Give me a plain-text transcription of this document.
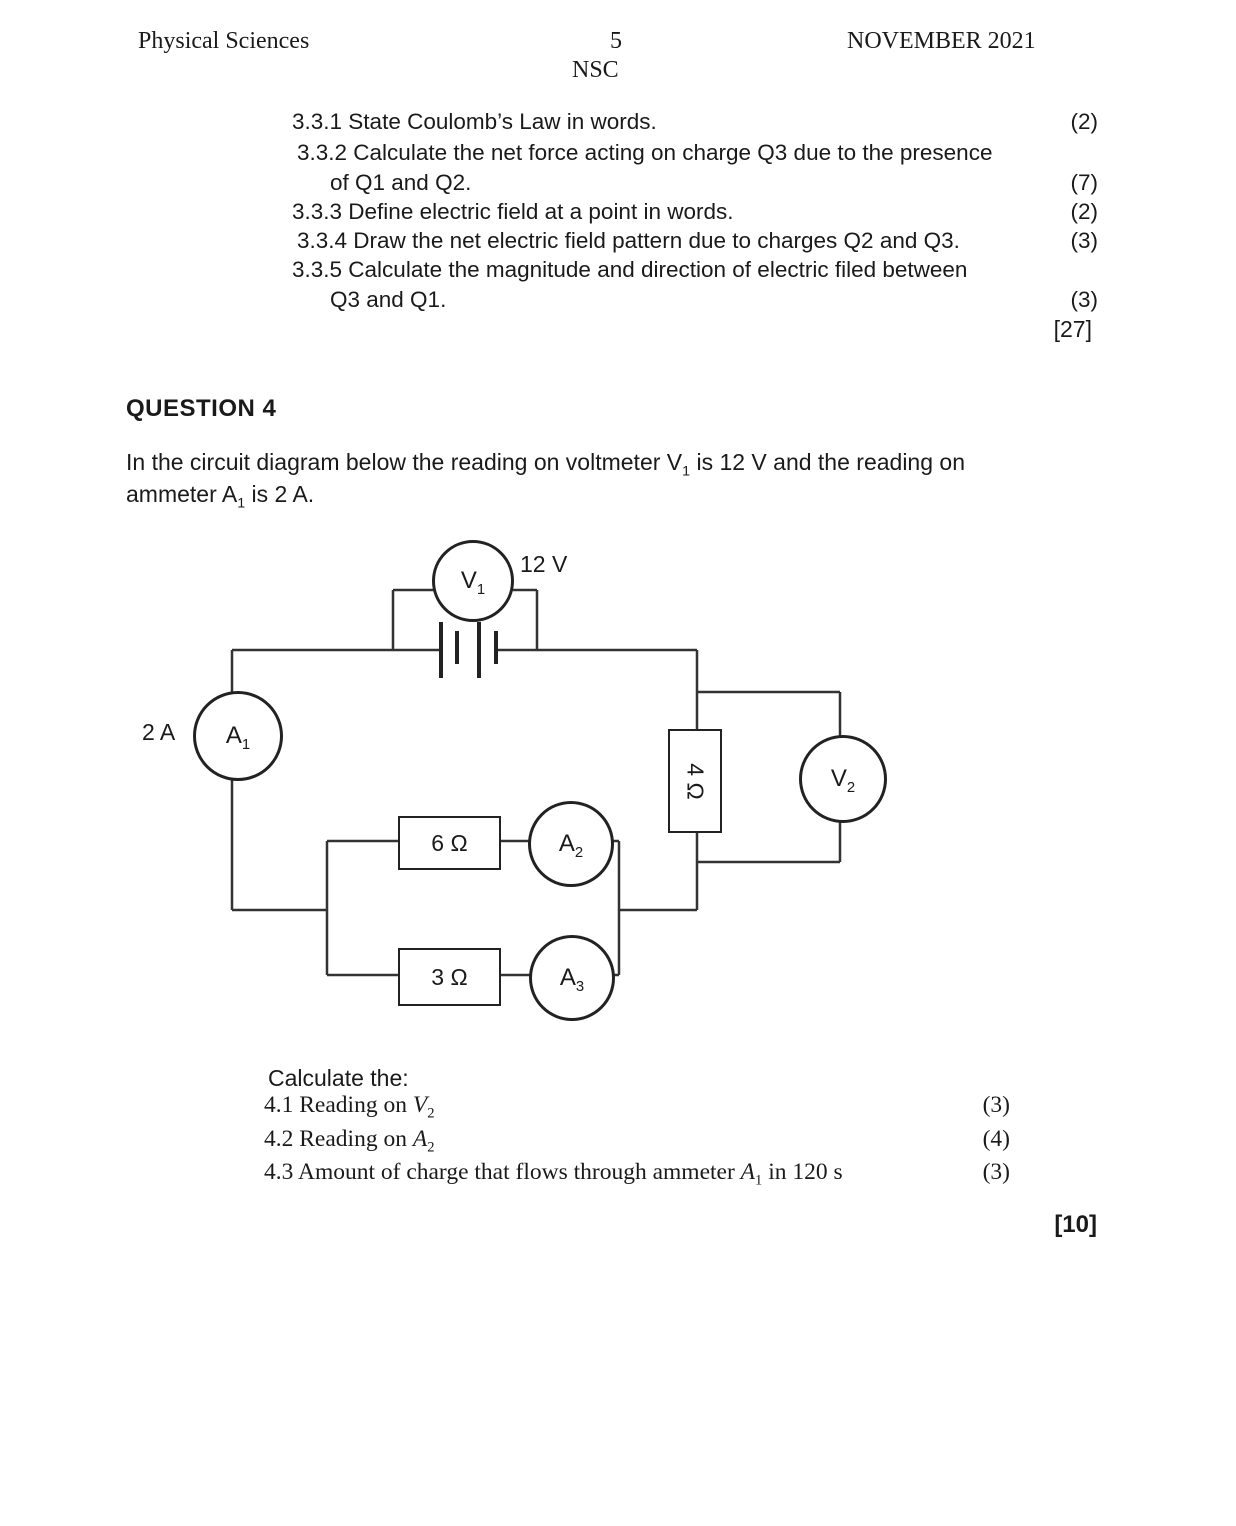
Physical Sciences	5	NOVEMBER 2021
NSC
3.3.1 State Coulomb’s Law in words.	(2)
3.3.2 Calculate the net force acting on charge Q3 due to the presence
of Q1 and Q2.	(7)
3.3.3 Define electric field at a point in words.	(2)
3.3.4 Draw the net electric field pattern due to charges Q2 and Q3.	(3)
3.3.5 Calculate the magnitude and direction of electric filed between
Q3 and Q1.	(3)
[27]
QUESTION 4
In the circuit diagram below the reading on voltmeter $V_1$ is 12 V and the reading on
ammeter $A_1$ is 2 A.
$V_1$
$A_1$
$A_2$
$A_3$
$V_2$
6 Ω
3 Ω
4 Ω
12 V
2 A
Calculate the:
4.1 Reading on $V_2$	(3)
4.2 Reading on $A_2$	(4)
4.3 Amount of charge that flows through ammeter $A_1$ in 120 s	(3)
[10]
